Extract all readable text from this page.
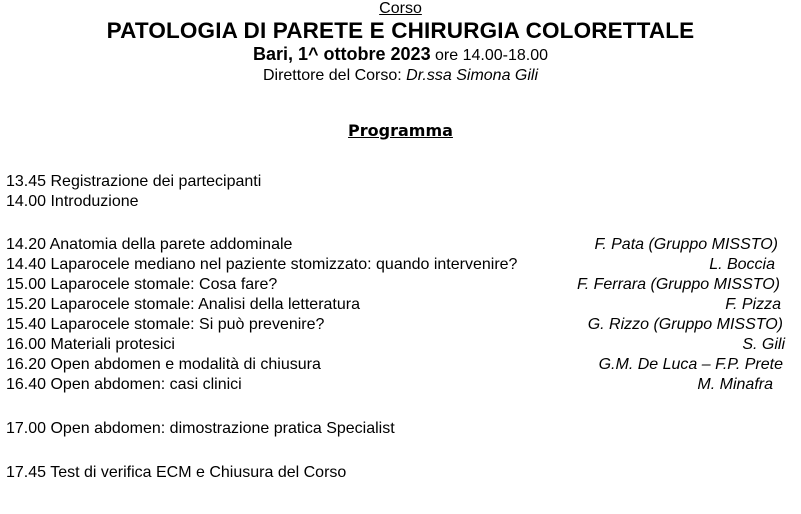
Corso
PATOLOGIA DI PARETE E CHIRURGIA COLORETTALE
Bari, 1^ ottobre 2023 ore 14.00-18.00
Direttore del Corso: Dr.ssa Simona Gili
Programma
13.45 Registrazione dei partecipanti
14.00 Introduzione
14.20 Anatomia della parete addominale	F. Pata (Gruppo MISSTO)
14.40 Laparocele mediano nel paziente stomizzato: quando intervenire?	L. Boccia
15.00 Laparocele stomale: Cosa fare?	F. Ferrara (Gruppo MISSTO)
15.20 Laparocele stomale: Analisi della letteratura	F. Pizza
15.40 Laparocele stomale: Si può prevenire?	G. Rizzo (Gruppo MISSTO)
16.00 Materiali protesici	S. Gili
16.20 Open abdomen e modalità di chiusura	G.M. De Luca – F.P. Prete
16.40 Open abdomen: casi clinici	M. Minafra
17.00 Open abdomen: dimostrazione pratica Specialist
17.45 Test di verifica ECM e Chiusura del Corso
